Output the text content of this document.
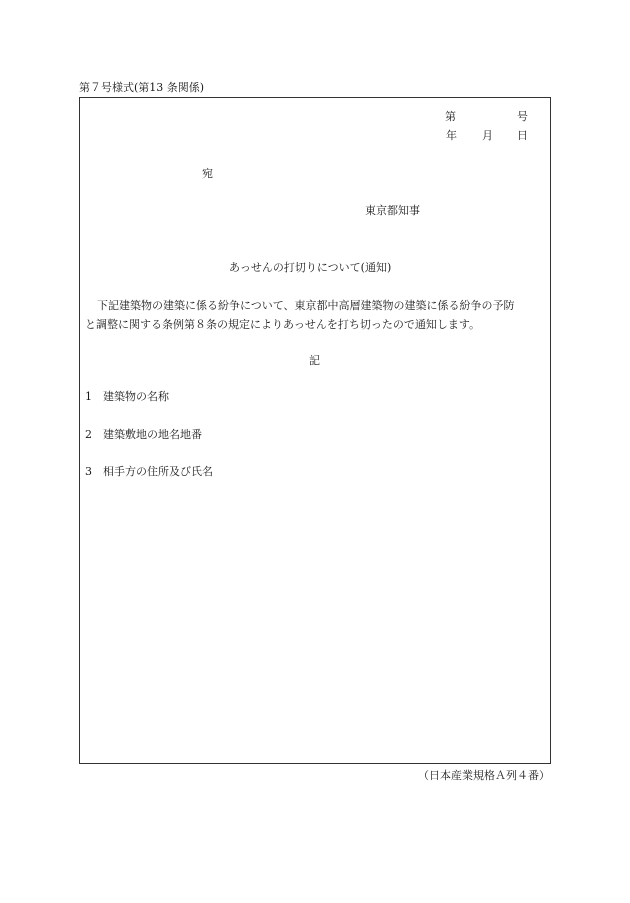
第７号様式(第13 条関係)
第	号
年 月 日
宛
東京都知事
あっせんの打切りについて(通知)
下記建築物の建築に係る紛争について、東京都中高層建築物の建築に係る紛争の予防
と調整に関する条例第８条の規定によりあっせんを打ち切ったので通知します。
記
1 建築物の名称
2 建築敷地の地名地番
3 相手方の住所及び氏名
（日本産業規格Ａ列４番）
